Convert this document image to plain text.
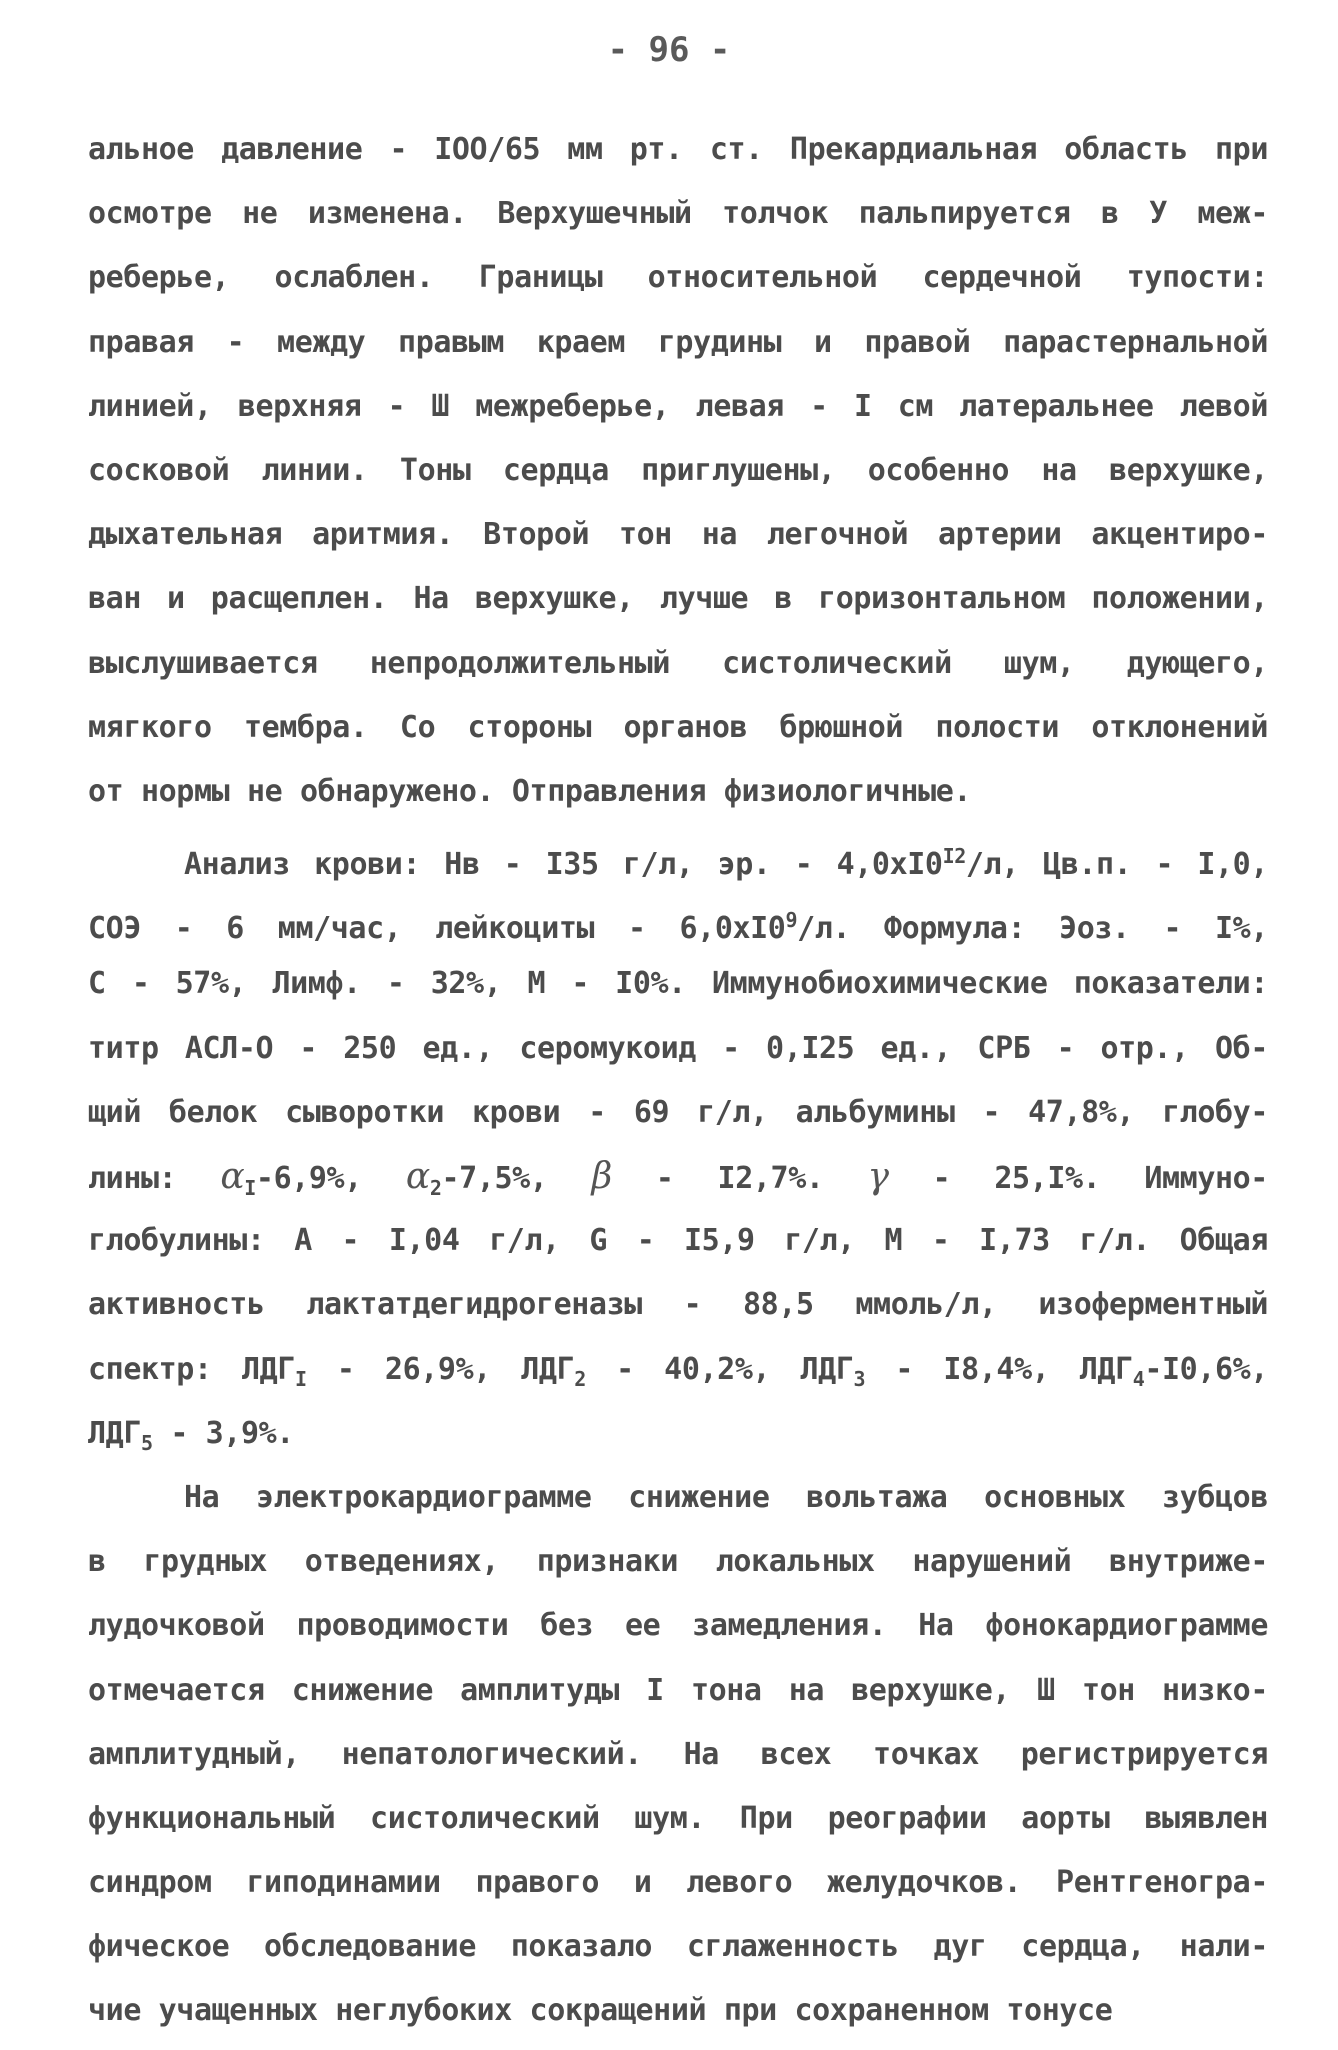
- 96 -
альное давление - IOO/65 мм рт. ст. Прекардиальная область при
осмотре не изменена. Верхушечный толчок пальпируется в У меж-
реберье, ослаблен. Границы относительной сердечной тупости:
правая - между правым краем грудины и правой парастернальной
линией, верхняя - Ш межреберье, левая - I см латеральнее левой
сосковой линии. Тоны сердца приглушены, особенно на верхушке,
дыхательная аритмия. Второй тон на легочной артерии акцентиро-
ван и расщеплен. На верхушке, лучше в горизонтальном положении,
выслушивается непродолжительный систолический шум, дующего,
мягкого тембра. Со стороны органов брюшной полости отклонений
от нормы не обнаружено. Отправления физиологичные.
Анализ крови: Нв - I35 г/л, эр. - $4,0xI0^{I2}/л$, Цв.п. - I,0,
СОЭ - 6 мм/час, лейкоциты - $6,0xI0^9/л$. Формула: Эоз. - I%,
С - 57%, Лимф. - 32%, М - I0%. Иммунобиохимические показатели:
титр АСЛ-О - 250 ед., серомукоид - 0,I25 ед., СРБ - отр., Об-
щий белок сыворотки крови - 69 г/л, альбумины - 47,8%, глобу-
лины: $\alpha_I-6,9\%$, $\alpha_2-7,5\%$, β - I2,7%. γ - 25,I%. Иммуно-
глобулины: А - I,04 г/л, G - I5,9 г/л, М - I,73 г/л. Общая
активность лактатдегидрогеназы - 88,5 ммоль/л, изоферментный
спектр: $ЛДГ_I - 26,9\%$, $ЛДГ_2 - 40,2\%$, $ЛДГ_3 - I8,4\%$, $ЛДГ_4-I0,6\%$,
$ЛДГ_5 - 3,9\%$.
На электрокардиограмме снижение вольтажа основных зубцов
в грудных отведениях, признаки локальных нарушений внутриже-
лудочковой проводимости без ее замедления. На фонокардиограмме
отмечается снижение амплитуды I тона на верхушке, Ш тон низко-
амплитудный, непатологический. На всех точках регистрируется
функциональный систолический шум. При реографии аорты выявлен
синдром гиподинамии правого и левого желудочков. Рентгеногра-
фическое обследование показало сглаженность дуг сердца, нали-
чие учащенных неглубоких сокращений при сохраненном тонусе
